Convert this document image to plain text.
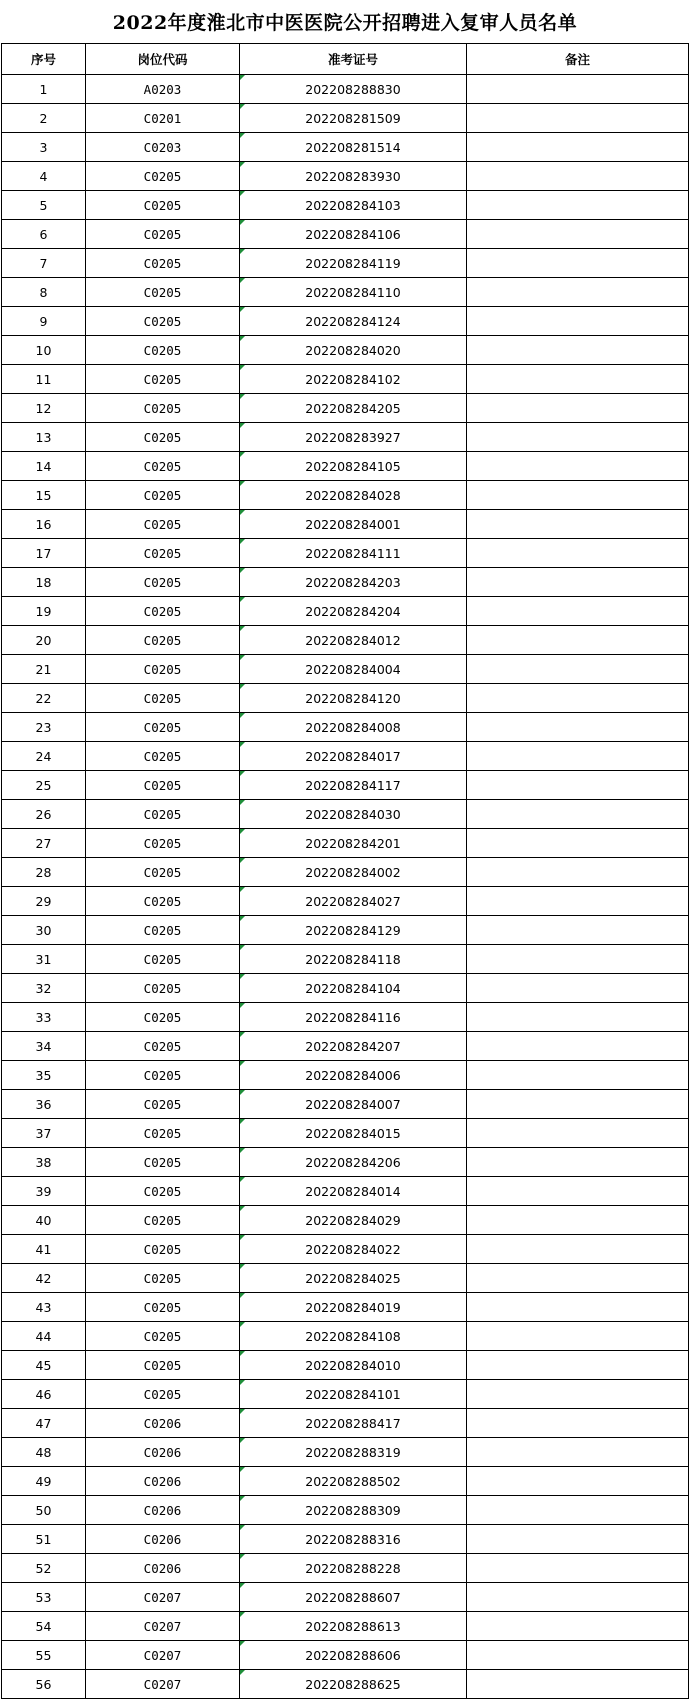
2022年度淮北市中医医院公开招聘进入复审人员名单
序号	岗位代码	准考证号	备注
1	A0203	202208288830	
2	C0201	202208281509	
3	C0203	202208281514	
4	C0205	202208283930	
5	C0205	202208284103	
6	C0205	202208284106	
7	C0205	202208284119	
8	C0205	202208284110	
9	C0205	202208284124	
10	C0205	202208284020	
11	C0205	202208284102	
12	C0205	202208284205	
13	C0205	202208283927	
14	C0205	202208284105	
15	C0205	202208284028	
16	C0205	202208284001	
17	C0205	202208284111	
18	C0205	202208284203	
19	C0205	202208284204	
20	C0205	202208284012	
21	C0205	202208284004	
22	C0205	202208284120	
23	C0205	202208284008	
24	C0205	202208284017	
25	C0205	202208284117	
26	C0205	202208284030	
27	C0205	202208284201	
28	C0205	202208284002	
29	C0205	202208284027	
30	C0205	202208284129	
31	C0205	202208284118	
32	C0205	202208284104	
33	C0205	202208284116	
34	C0205	202208284207	
35	C0205	202208284006	
36	C0205	202208284007	
37	C0205	202208284015	
38	C0205	202208284206	
39	C0205	202208284014	
40	C0205	202208284029	
41	C0205	202208284022	
42	C0205	202208284025	
43	C0205	202208284019	
44	C0205	202208284108	
45	C0205	202208284010	
46	C0205	202208284101	
47	C0206	202208288417	
48	C0206	202208288319	
49	C0206	202208288502	
50	C0206	202208288309	
51	C0206	202208288316	
52	C0206	202208288228	
53	C0207	202208288607	
54	C0207	202208288613	
55	C0207	202208288606	
56	C0207	202208288625	
